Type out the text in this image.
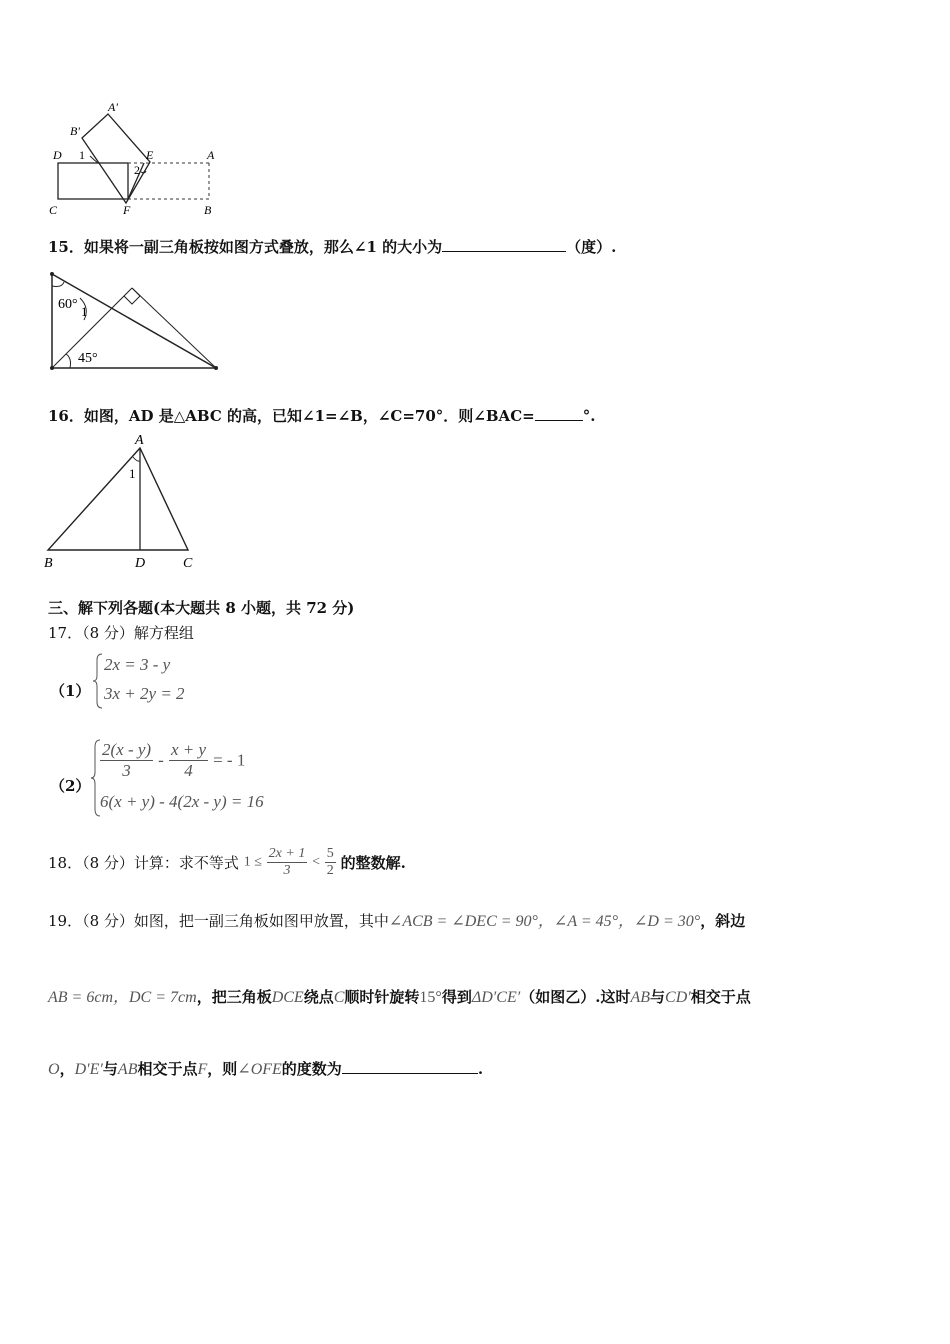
A′
B′
D 1	E	A
2
C	F	B
15．如果将一副三角板按如图方式叠放，那么∠1 的大小为	（度）.
60° 1
45°
16．如图，AD 是△ABC 的高，已知∠1=∠B，∠C=70°．则∠BAC=	°.
A
1
B	D	C
三、解下列各题(本大题共 8 小题，共 72 分)
17．（8 分）解方程组
（1）
2x = 3 - y
3x + 2y = 2
（2）
$\frac{2(x - y)}{3} - \frac{x + y}{4}$ = - 1
6(x + y) - 4(2x - y) = 16
18．（8 分）计算：求不等式 $1 \le \frac{2x + 1}{3} < \frac{5}{2}$ 的整数解.
19．（8 分）如图，把一副三角板如图甲放置，其中∠ACB = ∠DEC = 90°，∠A = 45°，∠D = 30°，斜边
AB = 6cm，DC = 7cm，把三角板DCE绕点C顺时针旋转15°得到ΔD′CE′（如图乙）.这时AB与CD′相交于点
O，D′E′与AB相交于点F，则∠OFE的度数为	.
